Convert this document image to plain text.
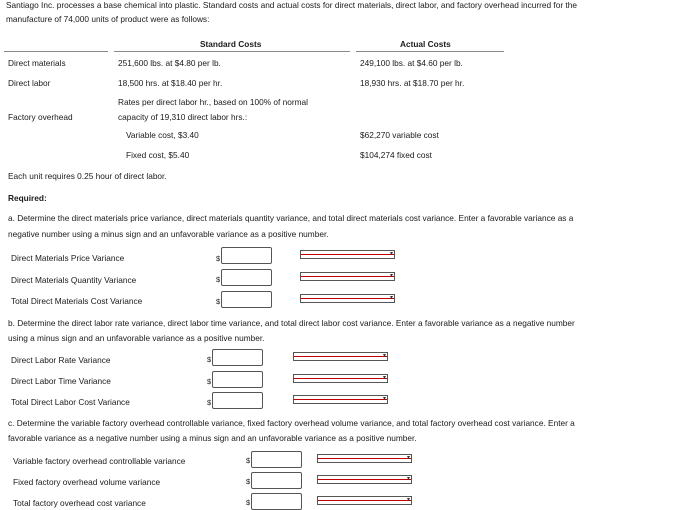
Santiago Inc. processes a base chemical into plastic. Standard costs and actual costs for direct materials, direct labor, and factory overhead incurred for the
manufacture of 74,000 units of product were as follows:
Standard Costs	Actual Costs
Direct materials	251,600 lbs. at $4.80 per lb.	249,100 lbs. at $4.60 per lb.
Direct labor	18,500 hrs. at $18.40 per hr.	18,930 hrs. at $18.70 per hr.
Rates per direct labor hr., based on 100% of normal
Factory overhead	capacity of 19,310 direct labor hrs.:
Variable cost, $3.40	$62,270 variable cost
Fixed cost, $5.40	$104,274 fixed cost
Each unit requires 0.25 hour of direct labor.
Required:
a. Determine the direct materials price variance, direct materials quantity variance, and total direct materials cost variance. Enter a favorable variance as a
negative number using a minus sign and an unfavorable variance as a positive number.
Direct Materials Price Variance	$	▾
Direct Materials Quantity Variance	$	▾
Total Direct Materials Cost Variance	$	▾
b. Determine the direct labor rate variance, direct labor time variance, and total direct labor cost variance. Enter a favorable variance as a negative number
using a minus sign and an unfavorable variance as a positive number.
Direct Labor Rate Variance	$	▾
Direct Labor Time Variance	$	▾
Total Direct Labor Cost Variance	$	▾
c. Determine the variable factory overhead controllable variance, fixed factory overhead volume variance, and total factory overhead cost variance. Enter a
favorable variance as a negative number using a minus sign and an unfavorable variance as a positive number.
Variable factory overhead controllable variance	$	▾
Fixed factory overhead volume variance	$	▾
Total factory overhead cost variance	$	▾
